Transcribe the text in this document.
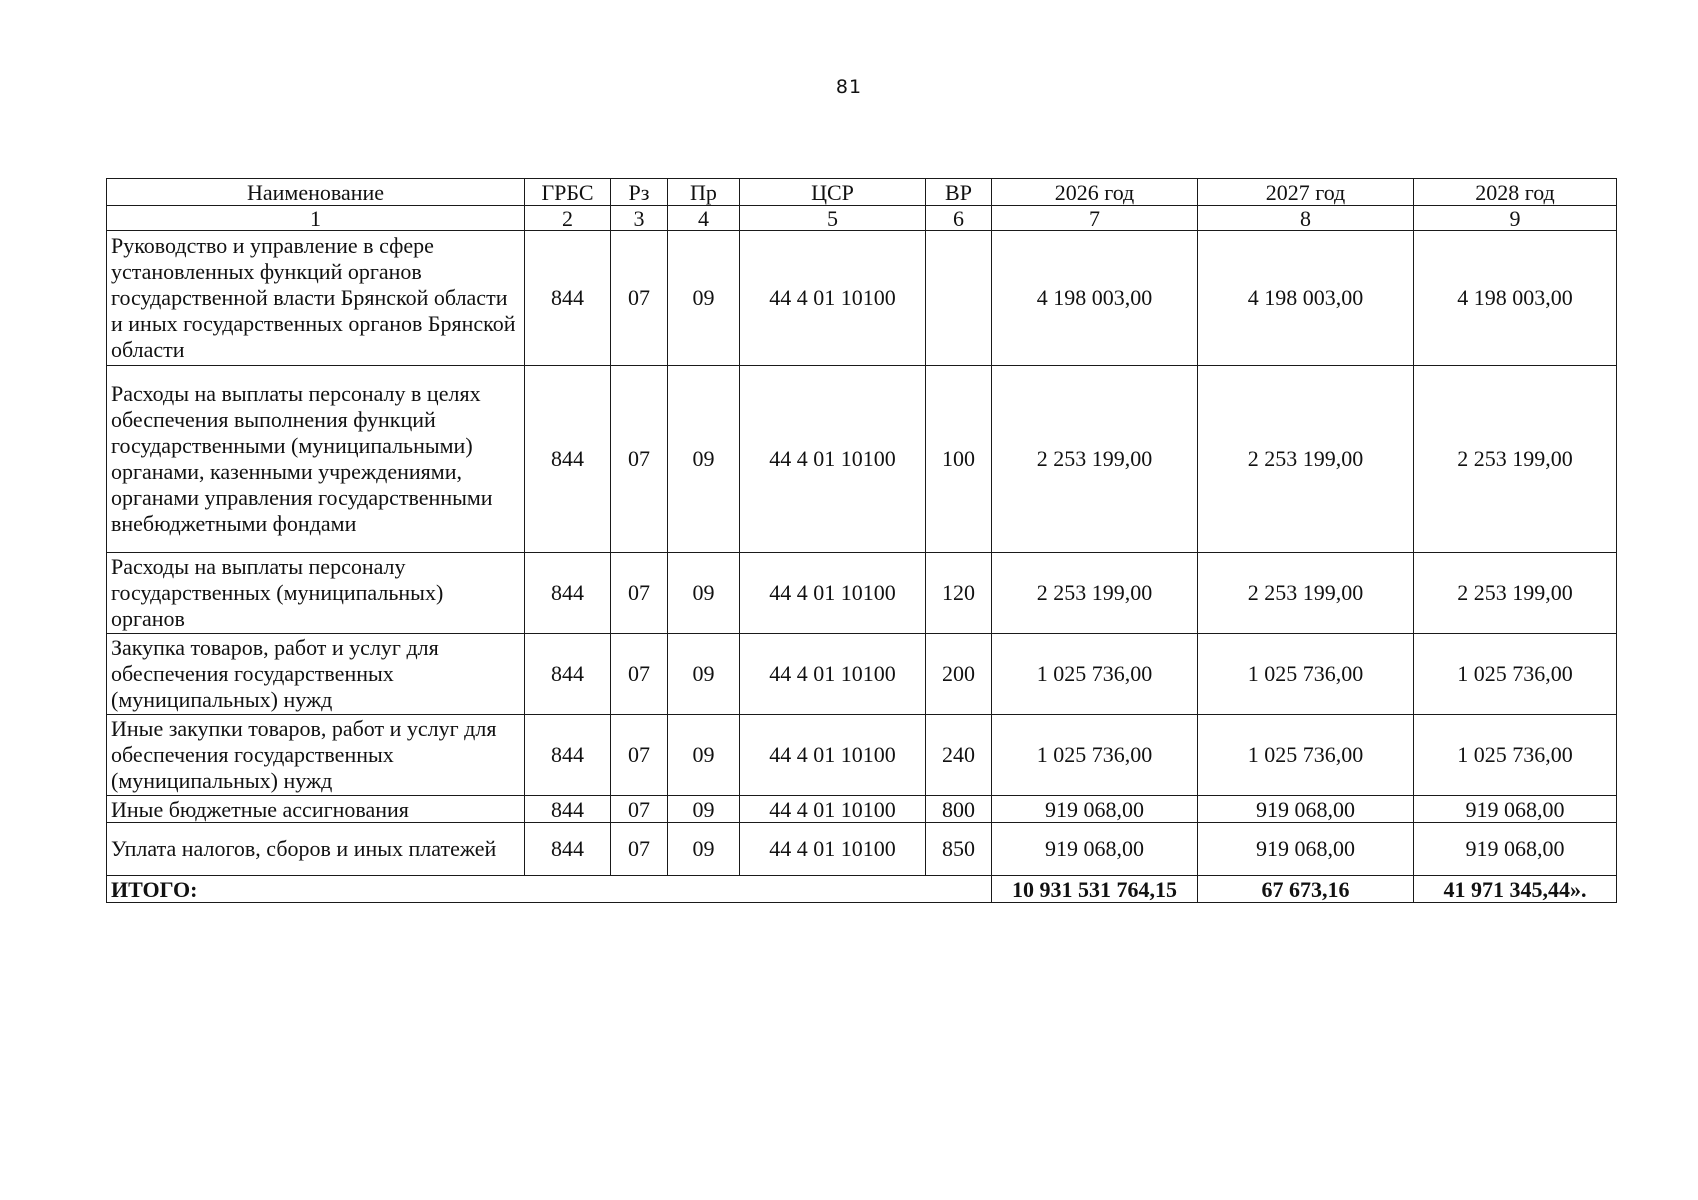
81
Наименование	ГРБС	Рз	Пр	ЦСР	ВР	2026 год	2027 год	2028 год
1	2	3	4	5	6	7	8	9
Руководство и управление в сфере установленных функций органов государственной власти Брянской области и иных государственных органов Брянской области	844	07	09	44 4 01 10100		4 198 003,00	4 198 003,00	4 198 003,00
Расходы на выплаты персоналу в целях обеспечения выполнения функций государственными (муниципальными) органами, казенными учреждениями, органами управления государственными внебюджетными фондами	844	07	09	44 4 01 10100	100	2 253 199,00	2 253 199,00	2 253 199,00
Расходы на выплаты персоналу государственных (муниципальных) органов	844	07	09	44 4 01 10100	120	2 253 199,00	2 253 199,00	2 253 199,00
Закупка товаров, работ и услуг для обеспечения государственных (муниципальных) нужд	844	07	09	44 4 01 10100	200	1 025 736,00	1 025 736,00	1 025 736,00
Иные закупки товаров, работ и услуг для обеспечения государственных (муниципальных) нужд	844	07	09	44 4 01 10100	240	1 025 736,00	1 025 736,00	1 025 736,00
Иные бюджетные ассигнования	844	07	09	44 4 01 10100	800	919 068,00	919 068,00	919 068,00
Уплата налогов, сборов и иных платежей	844	07	09	44 4 01 10100	850	919 068,00	919 068,00	919 068,00
ИТОГО:						10 931 531 764,15	67 673,16	41 971 345,44».
